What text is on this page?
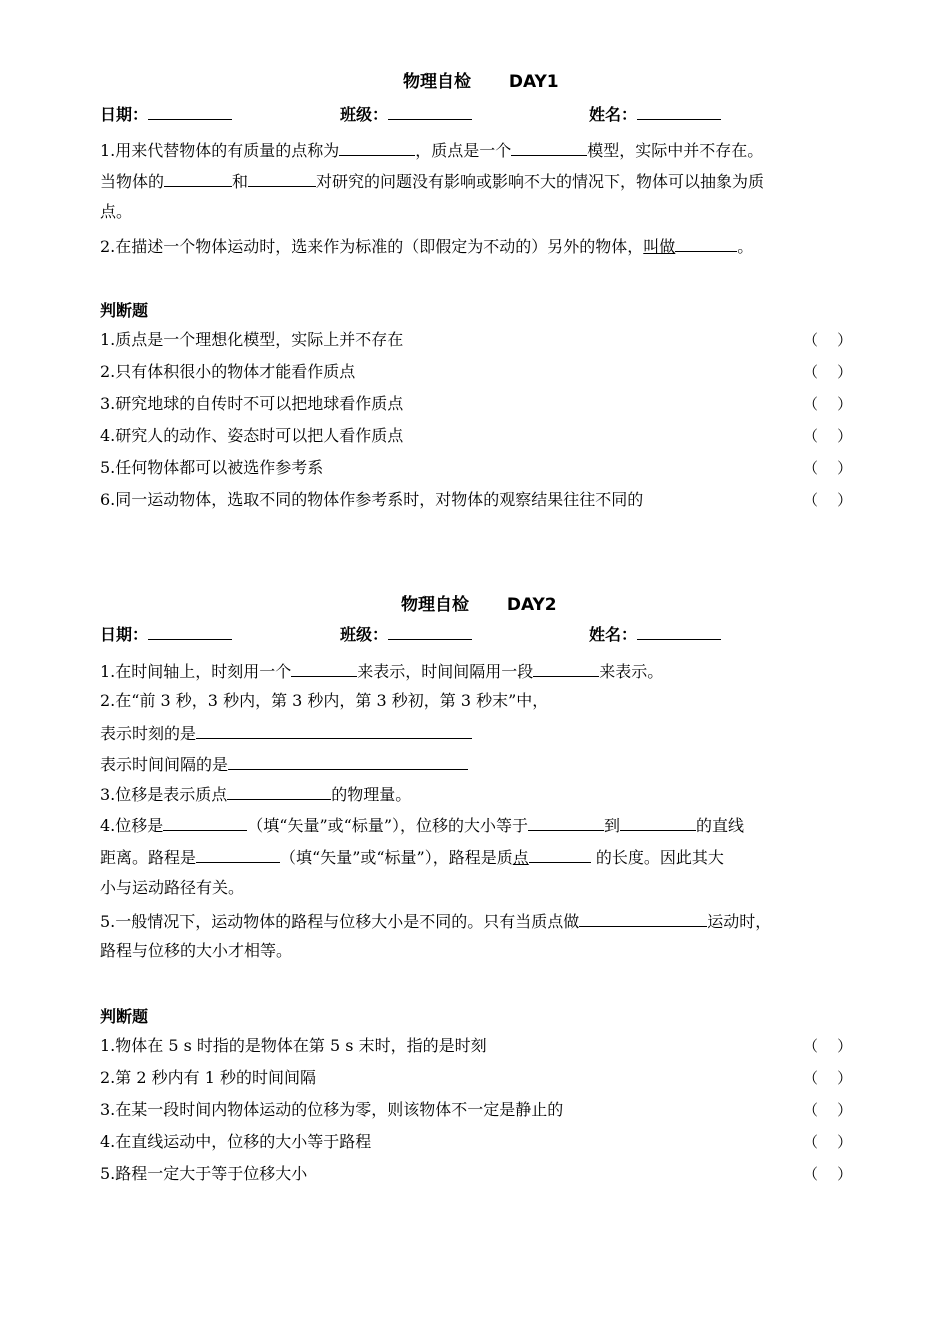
物理自检 DAY1
日期：	班级：	姓名：
1.用来代替物体的有质量的点称为	，质点是一个	模型，实际中并不存在。
当物体的	和	对研究的问题没有影响或影响不大的情况下，物体可以抽象为质
点。
2.在描述一个物体运动时，选来作为标准的（即假定为不动的）另外的物体，叫做	。
判断题
1.质点是一个理想化模型，实际上并不存在	（    ）
2.只有体积很小的物体才能看作质点	（    ）
3.研究地球的自传时不可以把地球看作质点	（    ）
4.研究人的动作、姿态时可以把人看作质点	（    ）
5.任何物体都可以被选作参考系	（    ）
6.同一运动物体，选取不同的物体作参考系时，对物体的观察结果往往不同的	（    ）
物理自检 DAY2
日期：	班级：	姓名：
1.在时间轴上，时刻用一个	来表示，时间间隔用一段	来表示。
2.在“前 3 秒，3 秒内，第 3 秒内，第 3 秒初，第 3 秒末”中，
表示时刻的是
表示时间间隔的是
3.位移是表示质点	的物理量。
4.位移是	（填“矢量”或“标量”），位移的大小等于	到	的直线
距离。路程是	（填“矢量”或“标量”），路程是质点	的长度。因此其大
小与运动路径有关。
5.一般情况下，运动物体的路程与位移大小是不同的。只有当质点做	运动时，
路程与位移的大小才相等。
判断题
1.物体在 5 s 时指的是物体在第 5 s 末时，指的是时刻	（    ）
2.第 2 秒内有 1 秒的时间间隔	（    ）
3.在某一段时间内物体运动的位移为零，则该物体不一定是静止的	（    ）
4.在直线运动中，位移的大小等于路程	（    ）
5.路程一定大于等于位移大小	（    ）
